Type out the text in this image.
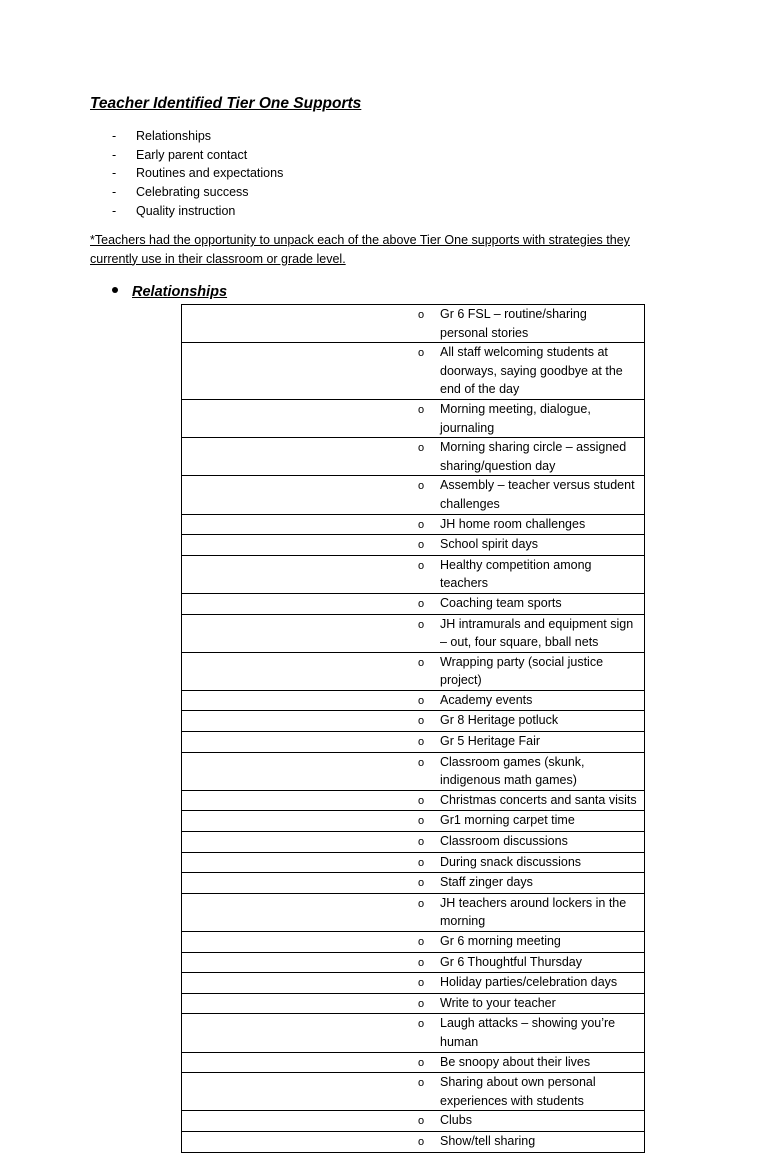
Teacher Identified Tier One Supports
- Relationships
- Early parent contact
- Routines and expectations
- Celebrating success
- Quality instruction
*Teachers had the opportunity to unpack each of the above Tier One supports with strategies they currently use in their classroom or grade level.
Relationships
o	Gr 6 FSL – routine/sharing personal stories
o	All staff welcoming students at doorways, saying goodbye at the end of the day
o	Morning meeting, dialogue, journaling
o	Morning sharing circle – assigned sharing/question day
o	Assembly – teacher versus student challenges
o	JH home room challenges
o	School spirit days
o	Healthy competition among teachers
o	Coaching team sports
o	JH intramurals and equipment sign – out, four square, bball nets
o	Wrapping party (social justice project)
o	Academy events
o	Gr 8 Heritage potluck
o	Gr 5 Heritage Fair
o	Classroom games (skunk, indigenous math games)
o	Christmas concerts and santa visits
o	Gr1 morning carpet time
o	Classroom discussions
o	During snack discussions
o	Staff zinger days
o	JH teachers around lockers in the morning
o	Gr 6 morning meeting
o	Gr 6 Thoughtful Thursday
o	Holiday parties/celebration days
o	Write to your teacher
o	Laugh attacks – showing you’re human
o	Be snoopy about their lives
o	Sharing about own personal experiences with students
o	Clubs
o	Show/tell sharing
